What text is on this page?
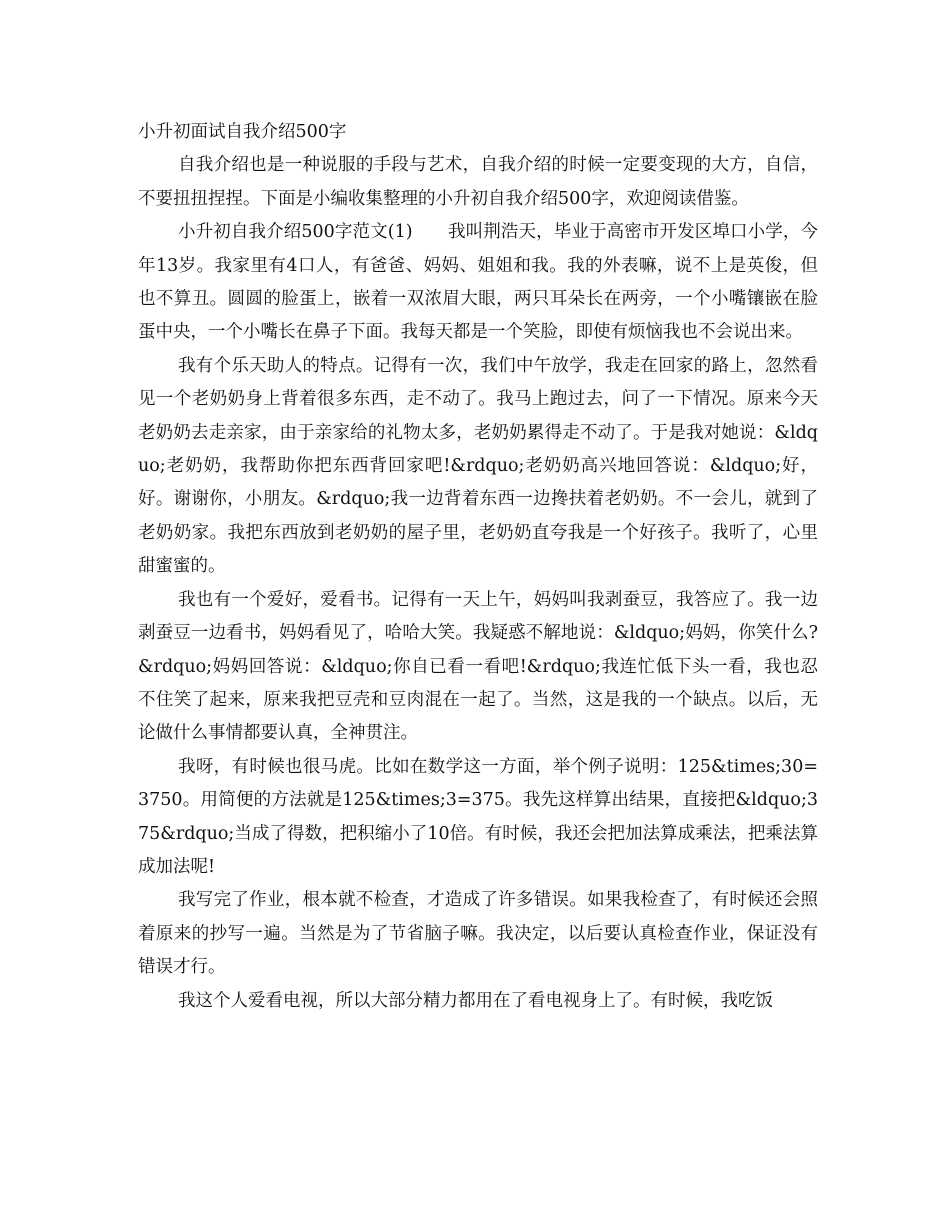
小升初面试自我介绍500字

自我介绍也是一种说服的手段与艺术，自我介绍的时候一定要变现的大方，自信，不要扭扭捏捏。下面是小编收集整理的小升初自我介绍500字，欢迎阅读借鉴。

小升初自我介绍500字范文(1)　　我叫荆浩天，毕业于高密市开发区埠口小学，今年13岁。我家里有4口人，有爸爸、妈妈、姐姐和我。我的外表嘛，说不上是英俊，但也不算丑。圆圆的脸蛋上，嵌着一双浓眉大眼，两只耳朵长在两旁，一个小嘴镶嵌在脸蛋中央，一个小嘴长在鼻子下面。我每天都是一个笑脸，即使有烦恼我也不会说出来。

我有个乐天助人的特点。记得有一次，我们中午放学，我走在回家的路上，忽然看见一个老奶奶身上背着很多东西，走不动了。我马上跑过去，问了一下情况。原来今天老奶奶去走亲家，由于亲家给的礼物太多，老奶奶累得走不动了。于是我对她说：&ldquo;老奶奶，我帮助你把东西背回家吧!&rdquo;老奶奶高兴地回答说：&ldquo;好，好。谢谢你，小朋友。&rdquo;我一边背着东西一边搀扶着老奶奶。不一会儿，就到了老奶奶家。我把东西放到老奶奶的屋子里，老奶奶直夸我是一个好孩子。我听了，心里甜蜜蜜的。

我也有一个爱好，爱看书。记得有一天上午，妈妈叫我剥蚕豆，我答应了。我一边剥蚕豆一边看书，妈妈看见了，哈哈大笑。我疑惑不解地说：&ldquo;妈妈，你笑什么?&rdquo;妈妈回答说：&ldquo;你自已看一看吧!&rdquo;我连忙低下头一看，我也忍不住笑了起来，原来我把豆壳和豆肉混在一起了。当然，这是我的一个缺点。以后，无论做什么事情都要认真，全神贯注。

我呀，有时候也很马虎。比如在数学这一方面，举个例子说明：125&times;30=3750。用简便的方法就是125&times;3=375。我先这样算出结果，直接把&ldquo;375&rdquo;当成了得数，把积缩小了10倍。有时候，我还会把加法算成乘法，把乘法算成加法呢!

我写完了作业，根本就不检查，才造成了许多错误。如果我检查了，有时候还会照着原来的抄写一遍。当然是为了节省脑子嘛。我决定，以后要认真检查作业，保证没有错误才行。

我这个人爱看电视，所以大部分精力都用在了看电视身上了。有时候，我吃饭
